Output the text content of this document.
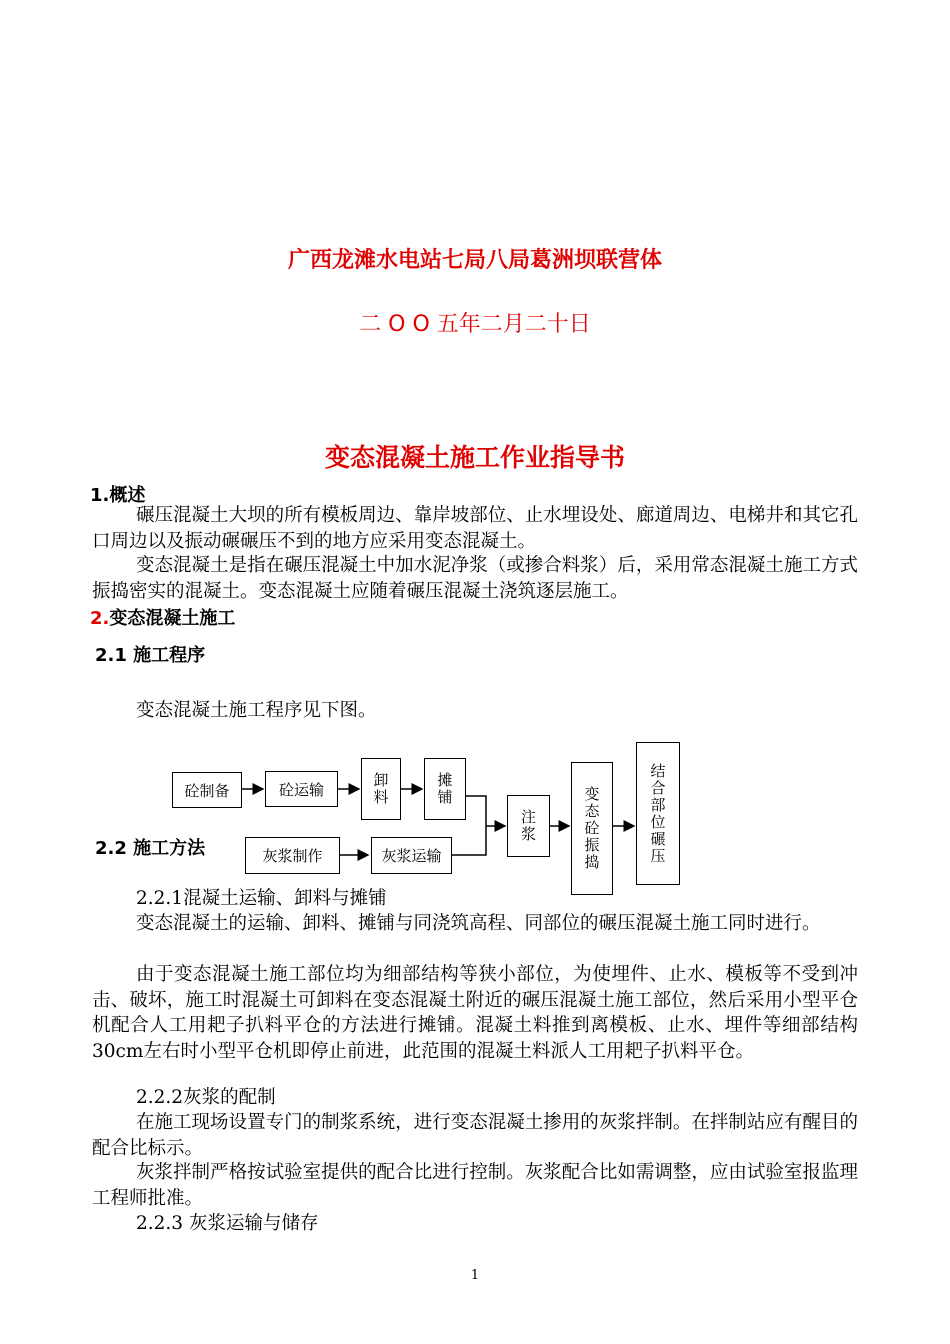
广西龙滩水电站七局八局葛洲坝联营体
二 O O 五年二月二十日
变态混凝土施工作业指导书
1.概述
碾压混凝土大坝的所有模板周边、靠岸坡部位、止水埋设处、廊道周边、电梯井和其它孔口周边以及振动碾碾压不到的地方应采用变态混凝土。
变态混凝土是指在碾压混凝土中加水泥净浆（或掺合料浆）后，采用常态混凝土施工方式振捣密实的混凝土。变态混凝土应随着碾压混凝土浇筑逐层施工。
2.变态混凝土施工
2.1 施工程序
变态混凝土施工程序见下图。
砼制备	砼运输	卸料	摊铺
灰浆制作	灰浆运输
注浆	变态砼振捣	结合部位碾压
2.2 施工方法
2.2.1混凝土运输、卸料与摊铺
变态混凝土的运输、卸料、摊铺与同浇筑高程、同部位的碾压混凝土施工同时进行。
由于变态混凝土施工部位均为细部结构等狭小部位，为使埋件、止水、模板等不受到冲击、破坏，施工时混凝土可卸料在变态混凝土附近的碾压混凝土施工部位，然后采用小型平仓机配合人工用耙子扒料平仓的方法进行摊铺。混凝土料推到离模板、止水、埋件等细部结构30cm左右时小型平仓机即停止前进，此范围的混凝土料派人工用耙子扒料平仓。
2.2.2灰浆的配制
在施工现场设置专门的制浆系统，进行变态混凝土掺用的灰浆拌制。在拌制站应有醒目的配合比标示。
灰浆拌制严格按试验室提供的配合比进行控制。灰浆配合比如需调整，应由试验室报监理工程师批准。
2.2.3 灰浆运输与储存
1
